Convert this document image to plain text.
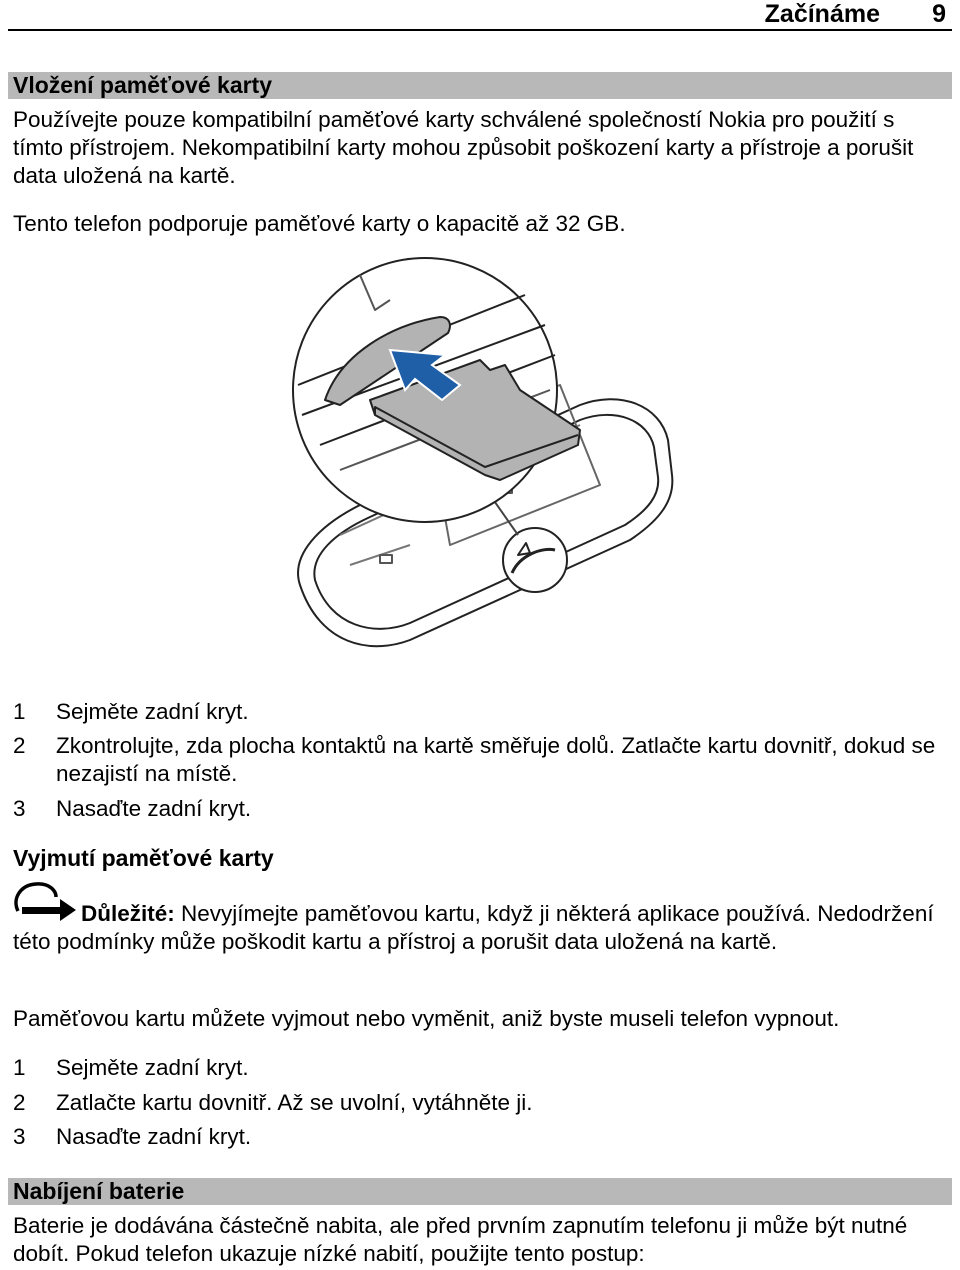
Začínáme 9
Vložení paměťové karty
Používejte pouze kompatibilní paměťové karty schválené společností Nokia pro použití s tímto přístrojem. Nekompatibilní karty mohou způsobit poškození karty a přístroje a porušit data uložená na kartě.
Tento telefon podporuje paměťové karty o kapacitě až 32 GB.
1	Sejměte zadní kryt.
2	Zkontrolujte, zda plocha kontaktů na kartě směřuje dolů. Zatlačte kartu dovnitř, dokud se nezajistí na místě.
3	Nasaďte zadní kryt.
Vyjmutí paměťové karty
Důležité: Nevyjímejte paměťovou kartu, když ji některá aplikace používá. Nedodržení této podmínky může poškodit kartu a přístroj a porušit data uložená na kartě.
Paměťovou kartu můžete vyjmout nebo vyměnit, aniž byste museli telefon vypnout.
1	Sejměte zadní kryt.
2	Zatlačte kartu dovnitř. Až se uvolní, vytáhněte ji.
3	Nasaďte zadní kryt.
Nabíjení baterie
Baterie je dodávána částečně nabita, ale před prvním zapnutím telefonu ji může být nutné dobít. Pokud telefon ukazuje nízké nabití, použijte tento postup:
